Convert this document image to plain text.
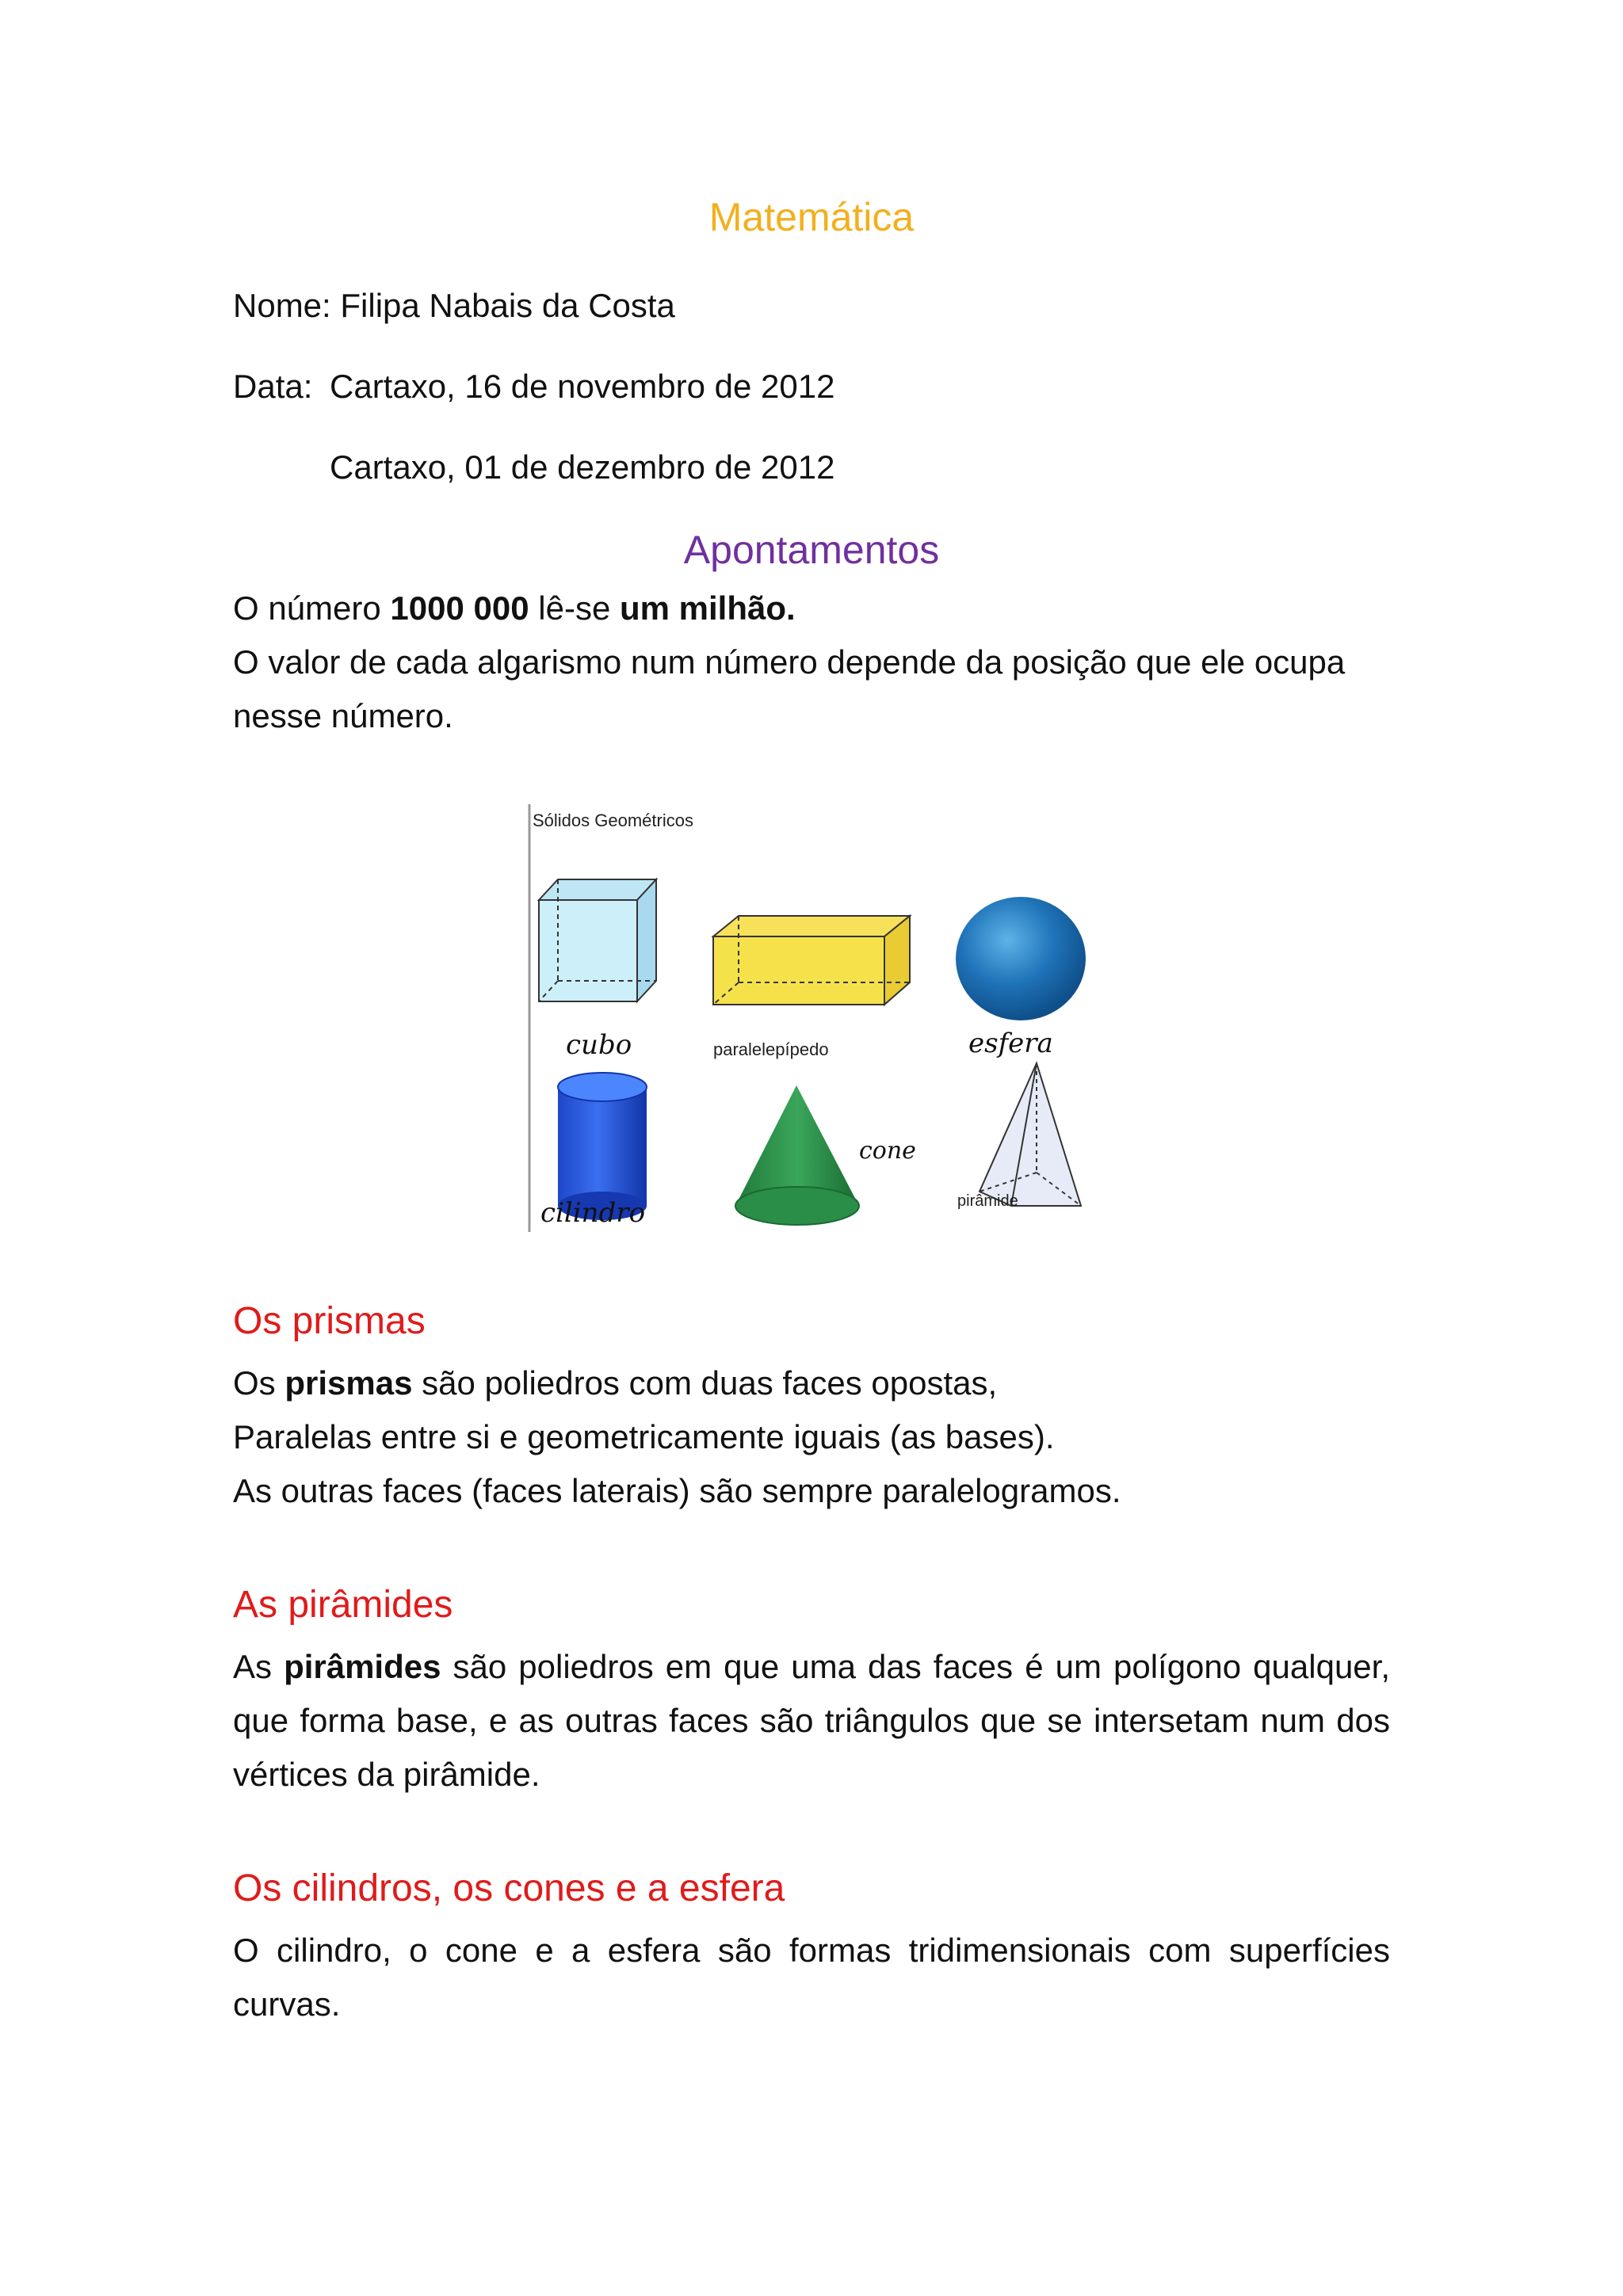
Matemática
Nome: Filipa Nabais da Costa
Data: Cartaxo, 16 de novembro de 2012
Cartaxo, 01 de dezembro de 2012
Apontamentos
O número 1000 000 lê-se um milhão.
O valor de cada algarismo num número depende da posição que ele ocupa
nesse número.
Sólidos Geométricos
cubo	paralelepípedo	esfera
cilindro
cone
pirâmide
Os prismas
Os prismas são poliedros com duas faces opostas,
Paralelas entre si e geometricamente iguais (as bases).
As outras faces (faces laterais) são sempre paralelogramos.
As pirâmides
As pirâmides são poliedros em que uma das faces é um polígono qualquer, que forma base, e as outras faces são triângulos que se intersetam num dos vértices da pirâmide.
Os cilindros, os cones e a esfera
O cilindro, o cone e a esfera são formas tridimensionais com superfícies curvas.
